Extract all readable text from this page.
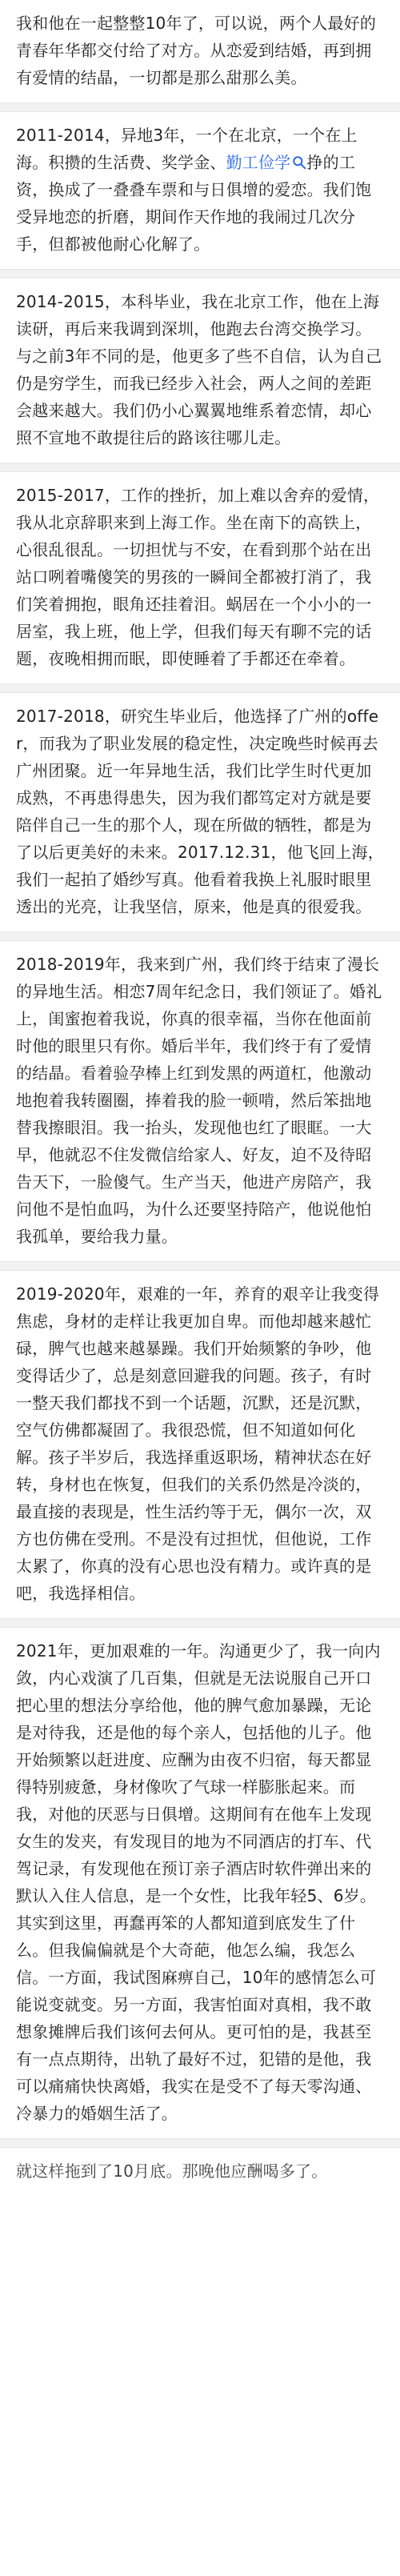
我和他在一起整整10年了，可以说，两个人最好的青春年华都交付给了对方。从恋爱到结婚，再到拥有爱情的结晶，一切都是那么甜那么美。

2011-2014，异地3年，一个在北京，一个在上海。积攒的生活费、奖学金、勤工俭学 挣的工资，换成了一叠叠车票和与日俱增的爱恋。我们饱受异地恋的折磨，期间作天作地的我闹过几次分手，但都被他耐心化解了。

2014-2015，本科毕业，我在北京工作，他在上海读研，再后来我调到深圳，他跑去台湾交换学习。与之前3年不同的是，他更多了些不自信，认为自己仍是穷学生，而我已经步入社会，两人之间的差距会越来越大。我们仍小心翼翼地维系着恋情，却心照不宣地不敢提往后的路该往哪儿走。

2015-2017，工作的挫折，加上难以舍弃的爱情，我从北京辞职来到上海工作。坐在南下的高铁上，心很乱很乱。一切担忧与不安，在看到那个站在出站口咧着嘴傻笑的男孩的一瞬间全都被打消了，我们笑着拥抱，眼角还挂着泪。蜗居在一个小小的一居室，我上班，他上学，但我们每天有聊不完的话题，夜晚相拥而眠，即使睡着了手都还在牵着。

2017-2018，研究生毕业后，他选择了广州的offer，而我为了职业发展的稳定性，决定晚些时候再去广州团聚。近一年异地生活，我们比学生时代更加成熟，不再患得患失，因为我们都笃定对方就是要陪伴自己一生的那个人，现在所做的牺牲，都是为了以后更美好的未来。2017.12.31，他飞回上海，我们一起拍了婚纱写真。他看着我换上礼服时眼里透出的光亮，让我坚信，原来，他是真的很爱我。

2018-2019年，我来到广州，我们终于结束了漫长的异地生活。相恋7周年纪念日，我们领证了。婚礼上，闺蜜抱着我说，你真的很幸福，当你在他面前时他的眼里只有你。婚后半年，我们终于有了爱情的结晶。看着验孕棒上红到发黑的两道杠，他激动地抱着我转圈圈，捧着我的脸一顿啃，然后笨拙地替我擦眼泪。我一抬头，发现他也红了眼眶。一大早，他就忍不住发微信给家人、好友，迫不及待昭告天下，一脸傻气。生产当天，他进产房陪产，我问他不是怕血吗，为什么还要坚持陪产，他说他怕我孤单，要给我力量。

2019-2020年，艰难的一年，养育的艰辛让我变得焦虑，身材的走样让我更加自卑。而他却越来越忙碌，脾气也越来越暴躁。我们开始频繁的争吵，他变得话少了，总是刻意回避我的问题。孩子，有时一整天我们都找不到一个话题，沉默，还是沉默，空气仿佛都凝固了。我很恐慌，但不知道如何化解。孩子半岁后，我选择重返职场，精神状态在好转，身材也在恢复，但我们的关系仍然是冷淡的，最直接的表现是，性生活约等于无，偶尔一次，双方也仿佛在受刑。不是没有过担忧，但他说，工作太累了，你真的没有心思也没有精力。或许真的是吧，我选择相信。

2021年，更加艰难的一年。沟通更少了，我一向内敛，内心戏演了几百集，但就是无法说服自己开口把心里的想法分享给他，他的脾气愈加暴躁，无论是对待我，还是他的每个亲人，包括他的儿子。他开始频繁以赶进度、应酬为由夜不归宿，每天都显得特别疲惫，身材像吹了气球一样膨胀起来。而我，对他的厌恶与日俱增。这期间有在他车上发现女生的发夹，有发现目的地为不同酒店的打车、代驾记录，有发现他在预订亲子酒店时软件弹出来的默认入住人信息，是一个女性，比我年轻5、6岁。其实到这里，再蠢再笨的人都知道到底发生了什么。但我偏偏就是个大奇葩，他怎么编，我怎么信。一方面，我试图麻痹自己，10年的感情怎么可能说变就变。另一方面，我害怕面对真相，我不敢想象摊牌后我们该何去何从。更可怕的是，我甚至有一点点期待，出轨了最好不过，犯错的是他，我可以痛痛快快离婚，我实在是受不了每天零沟通、冷暴力的婚姻生活了。

就这样拖到了10月底。那晚他应酬喝多了。
